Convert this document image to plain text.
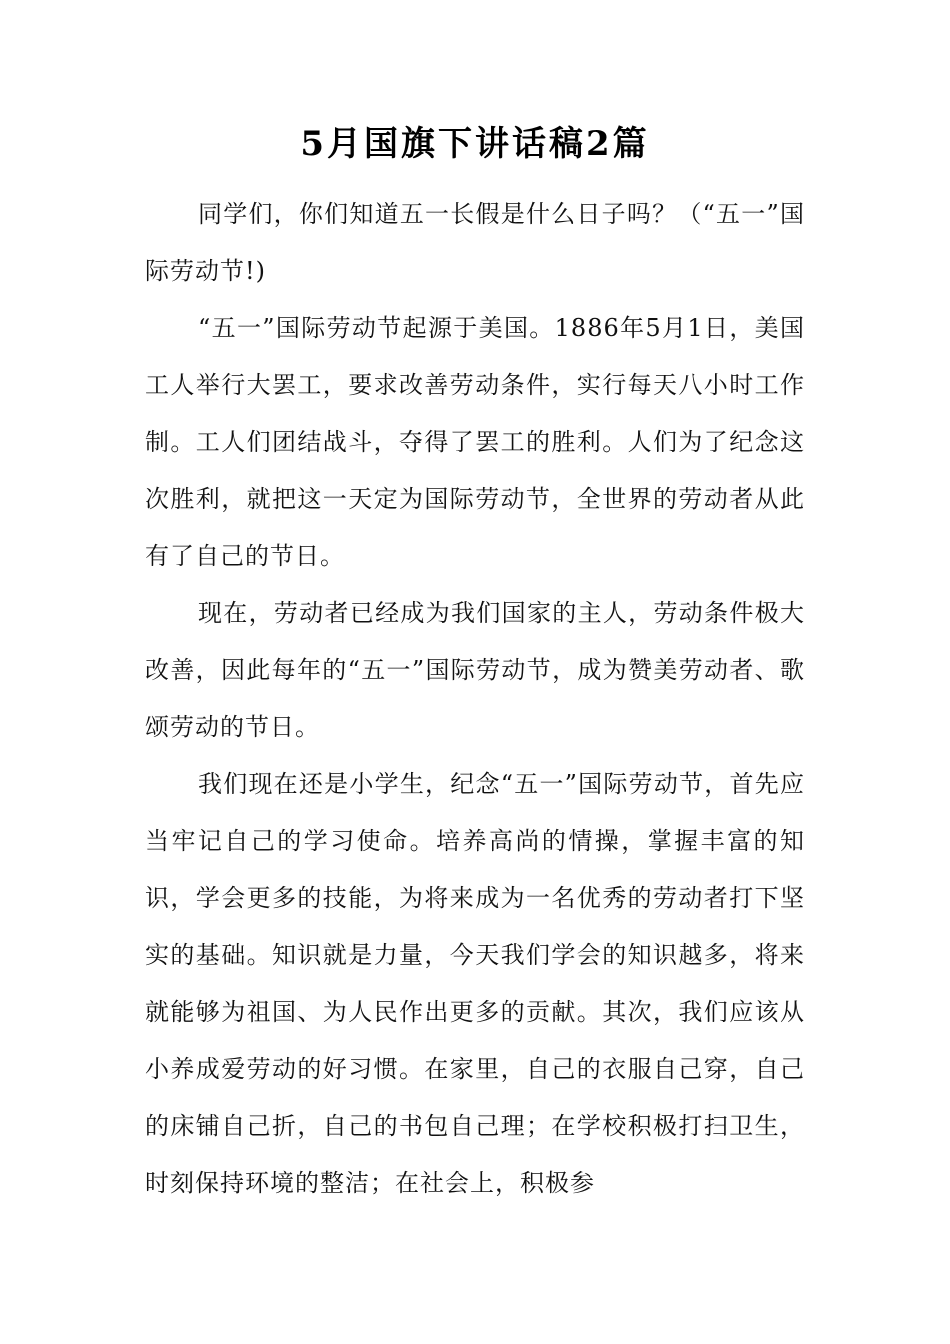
5月国旗下讲话稿2篇

同学们，你们知道五一长假是什么日子吗？（“五一”国际劳动节!)

“五一”国际劳动节起源于美国。1886年5月1日，美国工人举行大罢工，要求改善劳动条件，实行每天八小时工作制。工人们团结战斗，夺得了罢工的胜利。人们为了纪念这次胜利，就把这一天定为国际劳动节，全世界的劳动者从此有了自己的节日。

现在，劳动者已经成为我们国家的主人，劳动条件极大改善，因此每年的“五一”国际劳动节，成为赞美劳动者、歌颂劳动的节日。

我们现在还是小学生，纪念“五一”国际劳动节，首先应当牢记自己的学习使命。培养高尚的情操，掌握丰富的知识，学会更多的技能，为将来成为一名优秀的劳动者打下坚实的基础。知识就是力量，今天我们学会的知识越多，将来就能够为祖国、为人民作出更多的贡献。其次，我们应该从小养成爱劳动的好习惯。在家里，自己的衣服自己穿，自己的床铺自己折，自己的书包自己理；在学校积极打扫卫生，时刻保持环境的整洁；在社会上，积极参
